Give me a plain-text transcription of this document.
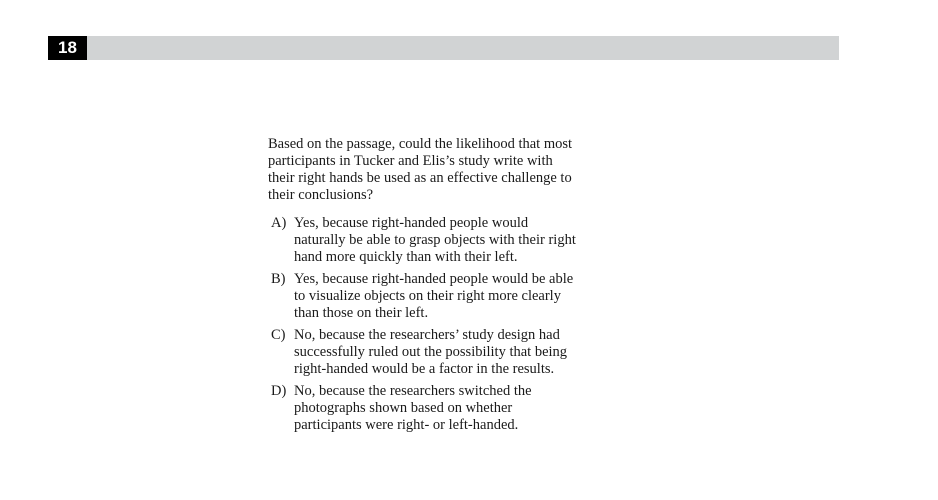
18
Based on the passage, could the likelihood that most
participants in Tucker and Elis’s study write with
their right hands be used as an effective challenge to
their conclusions?
A) Yes, because right-handed people would
naturally be able to grasp objects with their right
hand more quickly than with their left.
B) Yes, because right-handed people would be able
to visualize objects on their right more clearly
than those on their left.
C) No, because the researchers’ study design had
successfully ruled out the possibility that being
right-handed would be a factor in the results.
D) No, because the researchers switched the
photographs shown based on whether
participants were right- or left-handed.
